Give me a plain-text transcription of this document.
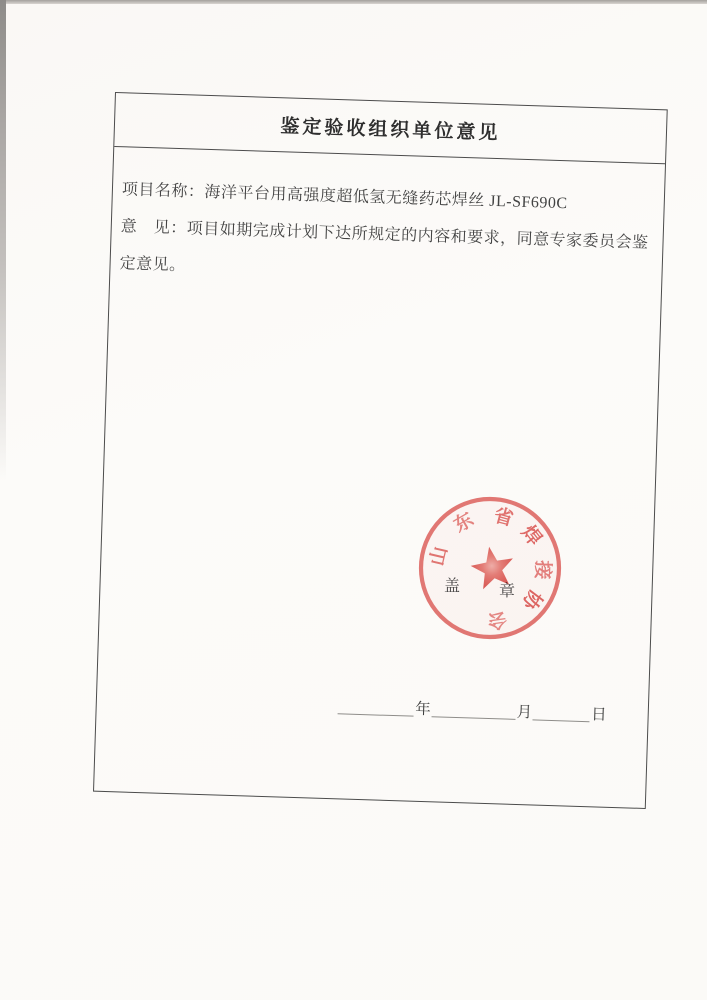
鉴定验收组织单位意见

项目名称：海洋平台用高强度超低氢无缝药芯焊丝 JL-SF690C

意　见：项目如期完成计划下达所规定的内容和要求，同意专家委员会鉴定意见。

年	月	日
山
东 省
焊
接
协
会
